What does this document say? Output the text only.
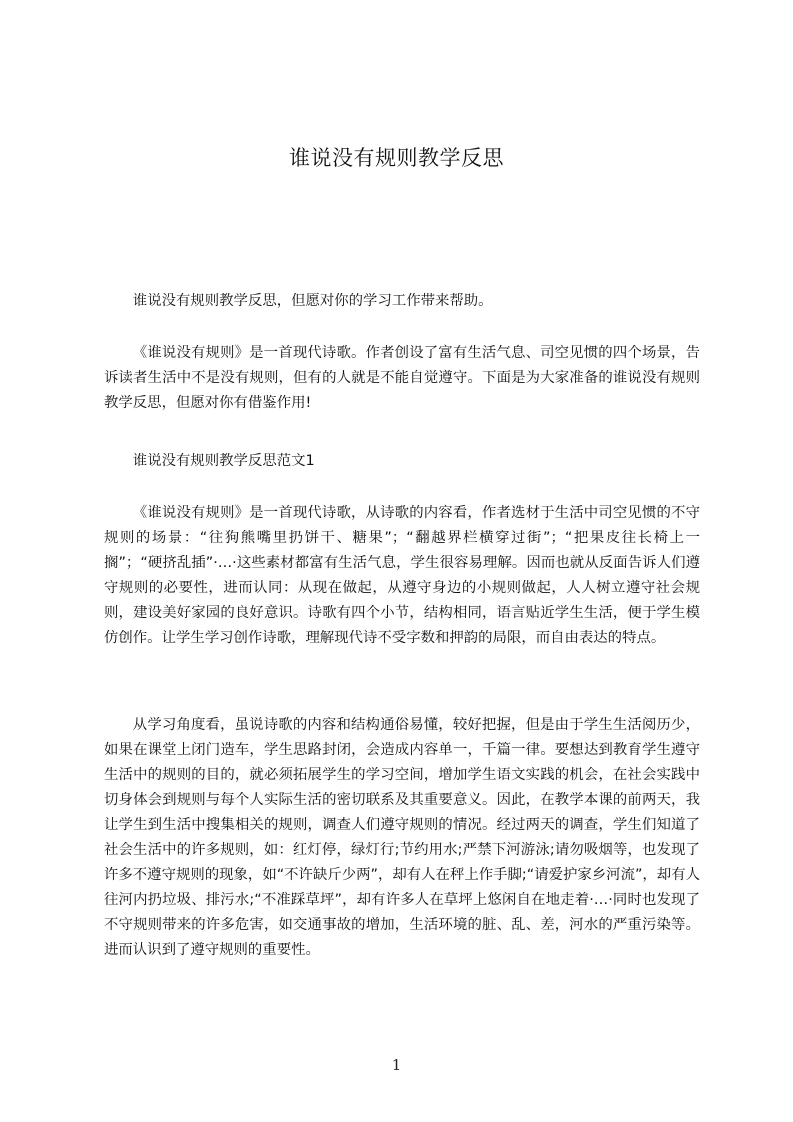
谁说没有规则教学反思

谁说没有规则教学反思，但愿对你的学习工作带来帮助。

《谁说没有规则》是一首现代诗歌。作者创设了富有生活气息、司空见惯的四个场景，告诉读者生活中不是没有规则，但有的人就是不能自觉遵守。下面是为大家准备的谁说没有规则教学反思，但愿对你有借鉴作用!

谁说没有规则教学反思范文1

《谁说没有规则》是一首现代诗歌，从诗歌的内容看，作者选材于生活中司空见惯的不守规则的场景：“往狗熊嘴里扔饼干、糖果”；“翻越界栏横穿过街”；“把果皮往长椅上一搁”；“硬挤乱插”·…·这些素材都富有生活气息，学生很容易理解。因而也就从反面告诉人们遵守规则的必要性，进而认同：从现在做起，从遵守身边的小规则做起，人人树立遵守社会规则，建设美好家园的良好意识。诗歌有四个小节，结构相同，语言贴近学生生活，便于学生模仿创作。让学生学习创作诗歌，理解现代诗不受字数和押韵的局限，而自由表达的特点。

从学习角度看，虽说诗歌的内容和结构通俗易懂，较好把握，但是由于学生生活阅历少，如果在课堂上闭门造车，学生思路封闭，会造成内容单一，千篇一律。要想达到教育学生遵守生活中的规则的目的，就必须拓展学生的学习空间，增加学生语文实践的机会，在社会实践中切身体会到规则与每个人实际生活的密切联系及其重要意义。因此，在教学本课的前两天，我让学生到生活中搜集相关的规则，调查人们遵守规则的情况。经过两天的调查，学生们知道了社会生活中的许多规则，如：红灯停，绿灯行;节约用水;严禁下河游泳;请勿吸烟等，也发现了许多不遵守规则的现象，如“不许缺斤少两”，却有人在秤上作手脚;“请爱护家乡河流”，却有人往河内扔垃圾、排污水;“不准踩草坪”，却有许多人在草坪上悠闲自在地走着·…·同时也发现了不守规则带来的许多危害，如交通事故的增加，生活环境的脏、乱、差，河水的严重污染等。进而认识到了遵守规则的重要性。

1
